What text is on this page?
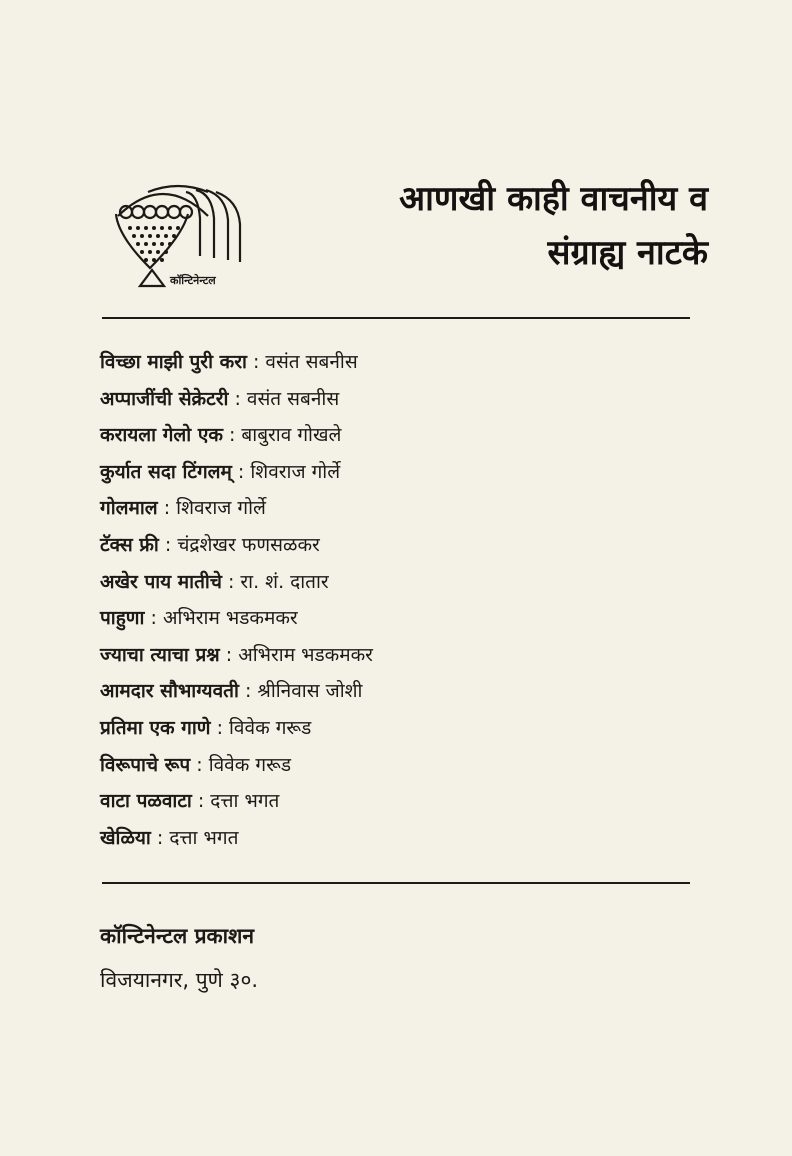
कॉन्टिनेन्टल
आणखी काही वाचनीय व
संग्राह्य नाटके
विच्छा माझी पुरी करा : वसंत सबनीस
अप्पाजींची सेक्रेटरी : वसंत सबनीस
करायला गेलो एक : बाबुराव गोखले
कुर्यात सदा टिंगलम् : शिवराज गोर्ले
गोलमाल : शिवराज गोर्ले
टॅक्स फ्री : चंद्रशेखर फणसळकर
अखेर पाय मातीचे : रा. शं. दातार
पाहुणा : अभिराम भडकमकर
ज्याचा त्याचा प्रश्न : अभिराम भडकमकर
आमदार सौभाग्यवती : श्रीनिवास जोशी
प्रतिमा एक गाणे : विवेक गरूड
विरूपाचे रूप : विवेक गरूड
वाटा पळवाटा : दत्ता भगत
खेळिया : दत्ता भगत
कॉन्टिनेन्टल प्रकाशन
विजयानगर, पुणे ३०.
